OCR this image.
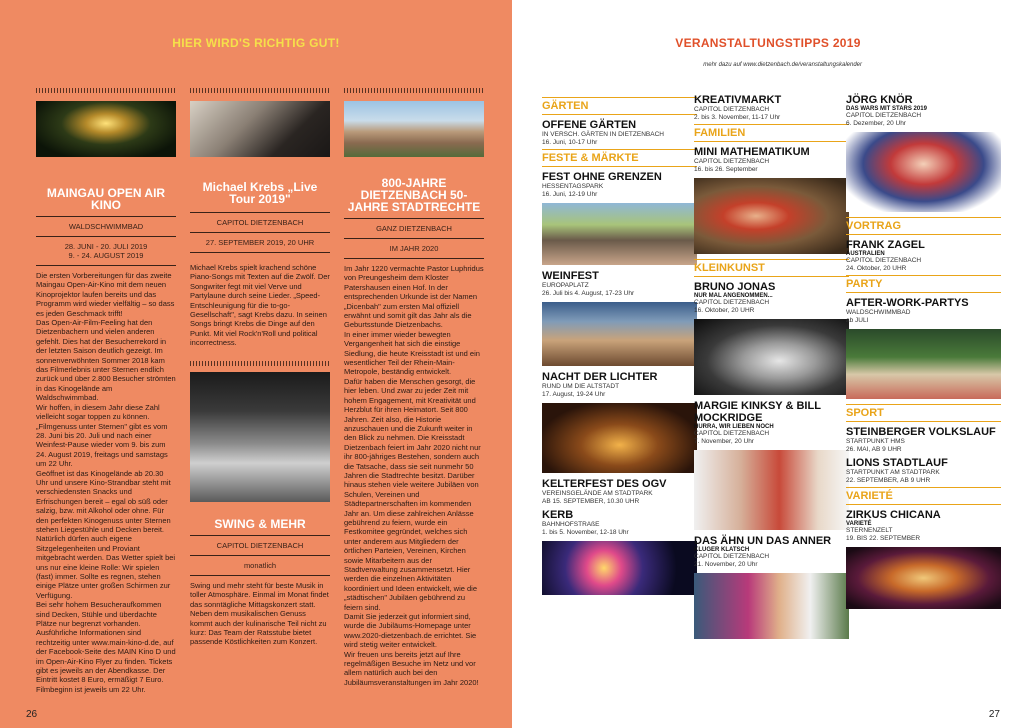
HIER WIRD'S RICHTIG GUT!
MAINGAU OPEN AIR KINO
WALDSCHWIMMBAD
28. JUNI - 20. JULI 2019
9. - 24. AUGUST 2019
Die ersten Vorbereitungen für das zweite Maingau Open-Air-Kino mit dem neuen Kinoprojektor laufen bereits und das Programm wird wieder vielfältig – so dass es jeden Geschmack trifft!
Das Open-Air-Film-Feeling hat den Dietzenbachern und vielen anderen gefehlt. Dies hat der Besucherrekord in der letzten Saison deutlich gezeigt. Im sonnenverwöhnten Sommer 2018 kam das Filmerlebnis unter Sternen endlich zurück und über 2.800 Besucher strömten in das Kinogelände am Waldschwimmbad.
Wir hoffen, in diesem Jahr diese Zahl vielleicht sogar toppen zu können. „Filmgenuss unter Sternen" gibt es vom 28. Juni bis 20. Juli und nach einer Weinfest-Pause wieder vom 9. bis zum 24. August 2019, freitags und samstags um 22 Uhr.
Geöffnet ist das Kinogelände ab 20.30 Uhr und unsere Kino-Strandbar steht mit verschiedensten Snacks und Erfrischungen bereit – egal ob süß oder salzig, bzw. mit Alkohol oder ohne. Für den perfekten Kinogenuss unter Sternen stehen Liegestühle und Decken bereit. Natürlich dürfen auch eigene Sitzgelegenheiten und Proviant mitgebracht werden. Das Wetter spielt bei uns nur eine kleine Rolle: Wir spielen (fast) immer. Sollte es regnen, stehen einige Plätze unter großen Schirmen zur Verfügung.
Bei sehr hohem Besucheraufkommen sind Decken, Stühle und überdachte Plätze nur begrenzt vorhanden. Ausführliche Informationen sind rechtzeitig unter www.main-kino-d.de, auf der Facebook-Seite des MAIN Kino D und im Open-Air-Kino Flyer zu finden. Tickets gibt es jeweils an der Abendkasse. Der Eintritt kostet 8 Euro, ermäßigt 7 Euro. Filmbeginn ist jeweils um 22 Uhr.
Michael Krebs „Live Tour 2019"
CAPITOL DIETZENBACH
27. SEPTEMBER 2019, 20 UHR
Michael Krebs spielt krachend schöne Piano-Songs mit Texten auf die Zwölf. Der Songwriter fegt mit viel Verve und Partylaune durch seine Lieder. „Speed-Entschleunigung für die to-go-Gesellschaft", sagt Krebs dazu. In seinen Songs bringt Krebs die Dinge auf den Punkt. Mit viel Rock'n'Roll und political incorrectness.
SWING & MEHR
CAPITOL DIETZENBACH
monatlich
Swing und mehr steht für beste Musik in toller Atmosphäre. Einmal im Monat findet das sonntägliche Mittagskonzert statt. Neben dem musikalischen Genuss kommt auch der kulinarische Teil nicht zu kurz: Das Team der Ratsstube bietet passende Köstlichkeiten zum Konzert.
800-JAHRE DIETZENBACH 50-JAHRE STADTRECHTE
GANZ DIETZENBACH
IM JAHR 2020
Im Jahr 1220 vermachte Pastor Luphridus von Preungesheim dem Kloster Patershausen einen Hof. In der entsprechenden Urkunde ist der Namen „Dicenbah" zum ersten Mal offiziell erwähnt und somit gilt das Jahr als die Geburtsstunde Dietzenbachs.
In einer immer wieder bewegten Vergangenheit hat sich die einstige Siedlung, die heute Kreisstadt ist und ein wesentlicher Teil der Rhein-Main-Metropole, beständig entwickelt.
Dafür haben die Menschen gesorgt, die hier leben. Und zwar zu jeder Zeit mit hohem Engagement, mit Kreativität und Herzblut für ihren Heimatort. Seit 800 Jahren. Zeit also, die Historie anzuschauen und die Zukunft weiter in den Blick zu nehmen. Die Kreisstadt Dietzenbach feiert im Jahr 2020 nicht nur ihr 800-jähriges Bestehen, sondern auch die Tatsache, dass sie seit nunmehr 50 Jahren die Stadtrechte besitzt. Darüber hinaus stehen viele weitere Jubiläen von Schulen, Vereinen und Städtepartnerschaften im kommenden Jahr an. Um diese zahlreichen Anlässe gebührend zu feiern, wurde ein Festkomitee gegründet, welches sich unter anderem aus Mitgliedern der örtlichen Parteien, Vereinen, Kirchen sowie Mitarbeitern aus der Stadtverwaltung zusammensetzt. Hier werden die einzelnen Aktivitäten koordiniert und Ideen entwickelt, wie die „städtischen" Jubiläen gebührend zu feiern sind.
Damit Sie jederzeit gut informiert sind, wurde die Jubiläums-Homepage unter www.2020-dietzenbach.de errichtet. Sie wird stetig weiter entwickelt.
Wir freuen uns bereits jetzt auf Ihre regelmäßigen Besuche im Netz und vor allem natürlich auch bei den Jubiläumsveranstaltungen im Jahr 2020!
26
VERANSTALTUNGSTIPPS 2019
mehr dazu auf www.dietzenbach.de/veranstaltungskalender
GÄRTEN
OFFENE GÄRTEN
IN VERSCH. GÄRTEN IN DIETZENBACH
16. Juni, 10-17 Uhr
FESTE & MÄRKTE
FEST OHNE GRENZEN
HESSENTAGSPARK
16. Juni, 12-19 Uhr
WEINFEST
EUROPAPLATZ
26. Juli bis 4. August, 17-23 Uhr
NACHT DER LICHTER
RUND UM DIE ALTSTADT
17. August, 19-24 Uhr
KELTERFEST DES OGV
VEREINSGELÄNDE AM STADTPARK
AB 15. SEPTEMBER, 10.30 UHR
KERB
BAHNHOFSTRAßE
1. bis 5. November, 12-18 Uhr
KREATIVMARKT
CAPITOL DIETZENBACH
2. bis 3. November, 11-17 Uhr
FAMILIEN
MINI MATHEMATIKUM
CAPITOL DIETZENBACH
16. bis 26. September
KLEINKUNST
BRUNO JONAS
NUR MAL ANGENOMMEN...
CAPITOL DIETZENBACH
16. Oktober, 20 UHR
MARGIE KINKSY & BILL MOCKRIDGE
HURRA, WIR LIEBEN NOCH
CAPITOL DIETZENBACH
7. November, 20 Uhr
DAS ÄHN UN DAS ANNER
KLUGER KLATSCH
CAPITOL DIETZENBACH
21. November, 20 Uhr
JÖRG KNÖR
DAS WARS MIT STARS 2019
CAPITOL DIETZENBACH
6. Dezember, 20 Uhr
VORTRAG
FRANK ZAGEL
AUSTRALIEN
CAPITOL DIETZENBACH
24. Oktober, 20 UHR
PARTY
AFTER-WORK-PARTYS
WALDSCHWIMMBAD
ab JULI
SPORT
STEINBERGER VOLKSLAUF
STARTPUNKT HMS
26. MAI, AB 9 UHR
LIONS STADTLAUF
STARTPUNKT AM STADTPARK
22. SEPTEMBER, AB 9 UHR
VARIETÉ
ZIRKUS CHICANA
VARIETÉ
STERNENZELT
19. BIS 22. SEPTEMBER
27
